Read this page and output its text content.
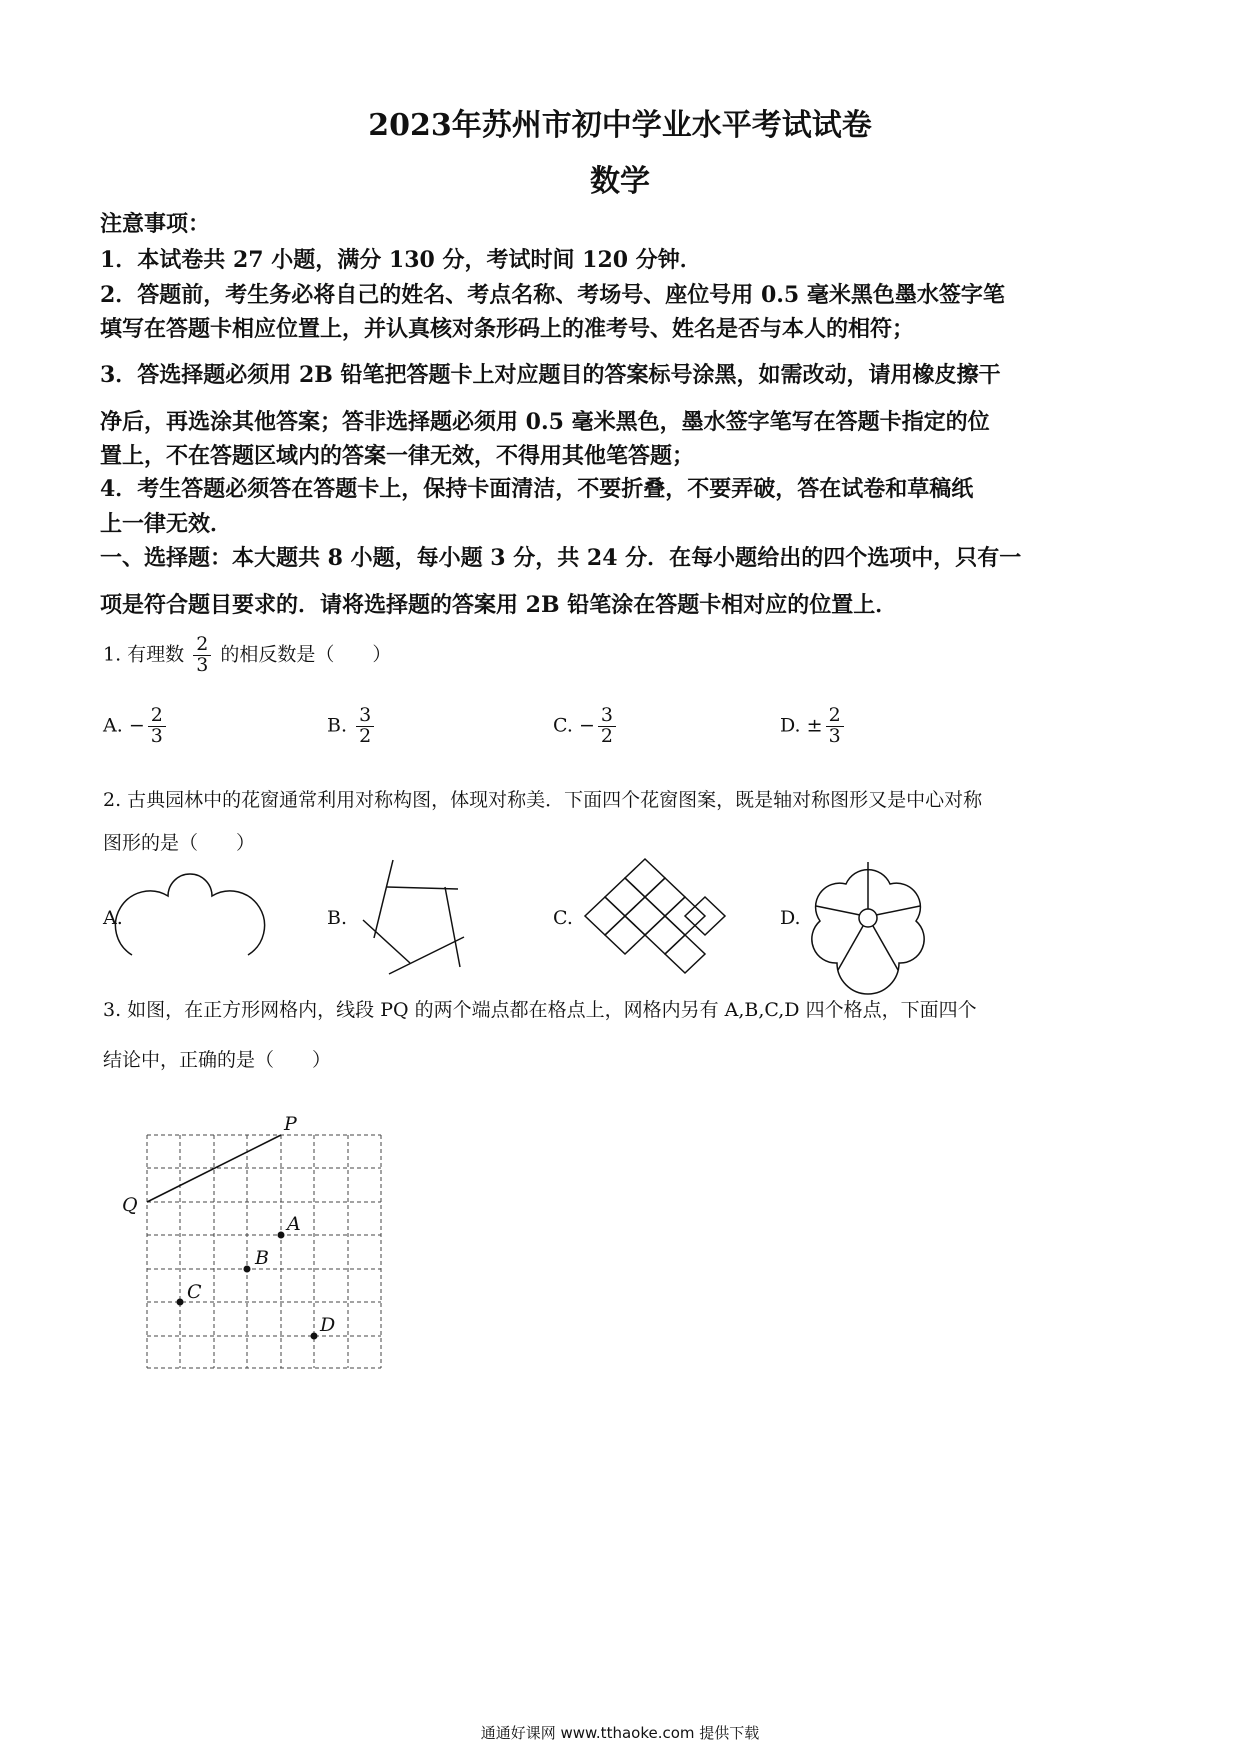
2023年苏州市初中学业水平考试试卷
数学
注意事项：
1．本试卷共 27 小题，满分 130 分，考试时间 120 分钟．
2．答题前，考生务必将自己的姓名、考点名称、考场号、座位号用 0.5 毫米黑色墨水签字笔
填写在答题卡相应位置上，并认真核对条形码上的准考号、姓名是否与本人的相符；
3．答选择题必须用 2B 铅笔把答题卡上对应题目的答案标号涂黑，如需改动，请用橡皮擦干
净后，再选涂其他答案；答非选择题必须用 0.5 毫米黑色，墨水签字笔写在答题卡指定的位
置上，不在答题区域内的答案一律无效，不得用其他笔答题；
4．考生答题必须答在答题卡上，保持卡面清洁，不要折叠，不要弄破，答在试卷和草稿纸
上一律无效．
一、选择题：本大题共 8 小题，每小题 3 分，共 24 分．在每小题给出的四个选项中，只有一
项是符合题目要求的．请将选择题的答案用 2B 铅笔涂在答题卡相对应的位置上．
1. 有理数 $\frac{2}{3}$ 的相反数是（　　）
A. − $\frac{2}{3}$	B. $\frac{3}{2}$	C. − $\frac{3}{2}$	D. ± $\frac{2}{3}$
2. 古典园林中的花窗通常利用对称构图，体现对称美．下面四个花窗图案，既是轴对称图形又是中心对称
图形的是（　　）
A.	B.	C.	D.
3. 如图，在正方形网格内，线段 PQ 的两个端点都在格点上，网格内另有 A,B,C,D 四个格点，下面四个
结论中，正确的是（　　）
P
Q
A
B
C
D
通通好课网 www.tthaoke.com 提供下载
